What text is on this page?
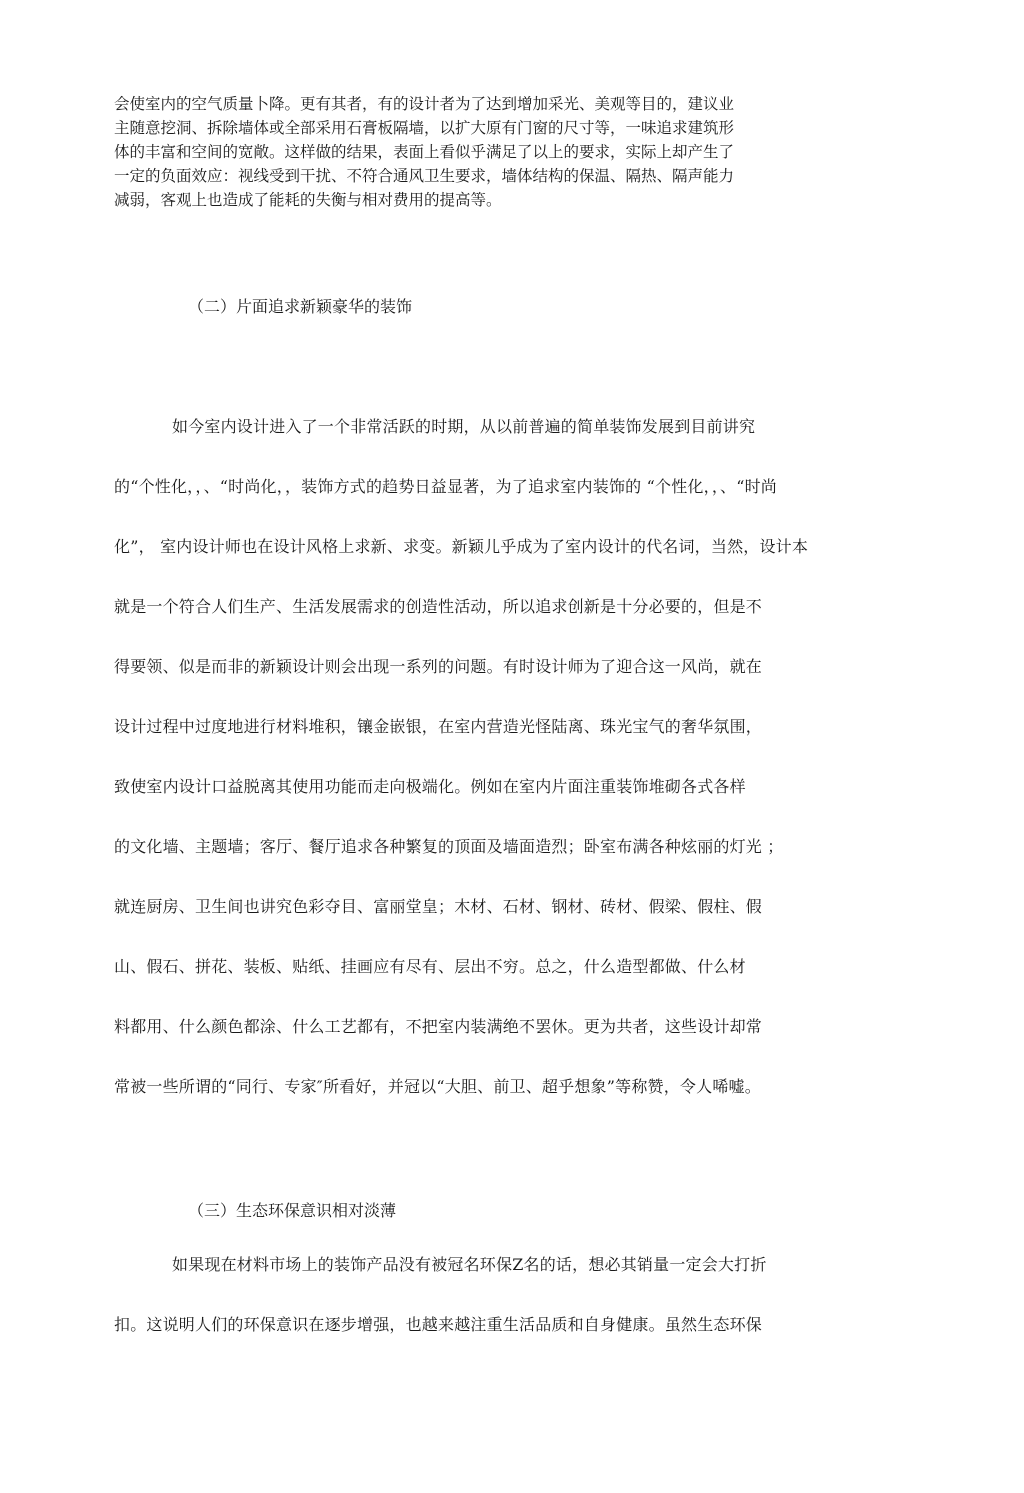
会使室内的空气质量卜降。更有其者，有的设计者为了达到增加采光、美观等目的，建议业
主随意挖洞、拆除墙体或全部采用石膏板隔墙，以扩大原有门窗的尺寸等，一味追求建筑形
体的丰富和空间的宽敞。这样做的结果，表面上看似乎满足了以上的要求，实际上却产生了
一定的负面效应：视线受到干扰、不符合通风卫生要求，墙体结构的保温、隔热、隔声能力
减弱，客观上也造成了能耗的失衡与相对费用的提高等。
（二）片面追求新颖豪华的装饰
如今室内设计进入了一个非常活跃的时期，从以前普遍的简单装饰发展到目前讲究
的“个性化，，、“时尚化，，装饰方式的趋势日益显著，为了追求室内装饰的 “个性化，，、“时尚
化”， 室内设计师也在设计风格上求新、求变。新颖儿乎成为了室内设计的代名词，当然，设计本
就是一个符合人们生产、生活发展需求的创造性活动，所以追求创新是十分必要的，但是不
得要领、似是而非的新颖设计则会出现一系列的问题。有时设计师为了迎合这一风尚，就在
设计过程中过度地进行材料堆积，镶金嵌银，在室内营造光怪陆离、珠光宝气的奢华氛围，
致使室内设计口益脱离其使用功能而走向极端化。例如在室内片面注重装饰堆砌各式各样
的文化墙、主题墙；客厅、餐厅追求各种繁复的顶面及墙面造烈；卧室布满各种炫丽的灯光 ；
就连厨房、卫生间也讲究色彩夺目、富丽堂皇；木材、石材、钢材、砖材、假梁、假柱、假
山、假石、拼花、装板、贴纸、挂画应有尽有、层出不穷。总之，什么造型都做、什么材
料都用、什么颜色都涂、什么工艺都有，不把室内装满绝不罢休。更为共者，这些设计却常
常被一些所谓的“同行、专家″所看好，并冠以“大胆、前卫、超乎想象”等称赞，令人唏嘘。
（三）生态环保意识相对淡薄
如果现在材料市场上的装饰产品没有被冠名环保Z名的话，想必其销量一定会大打折
扣。这说明人们的环保意识在逐步增强，也越来越注重生活品质和自身健康。虽然生态环保
